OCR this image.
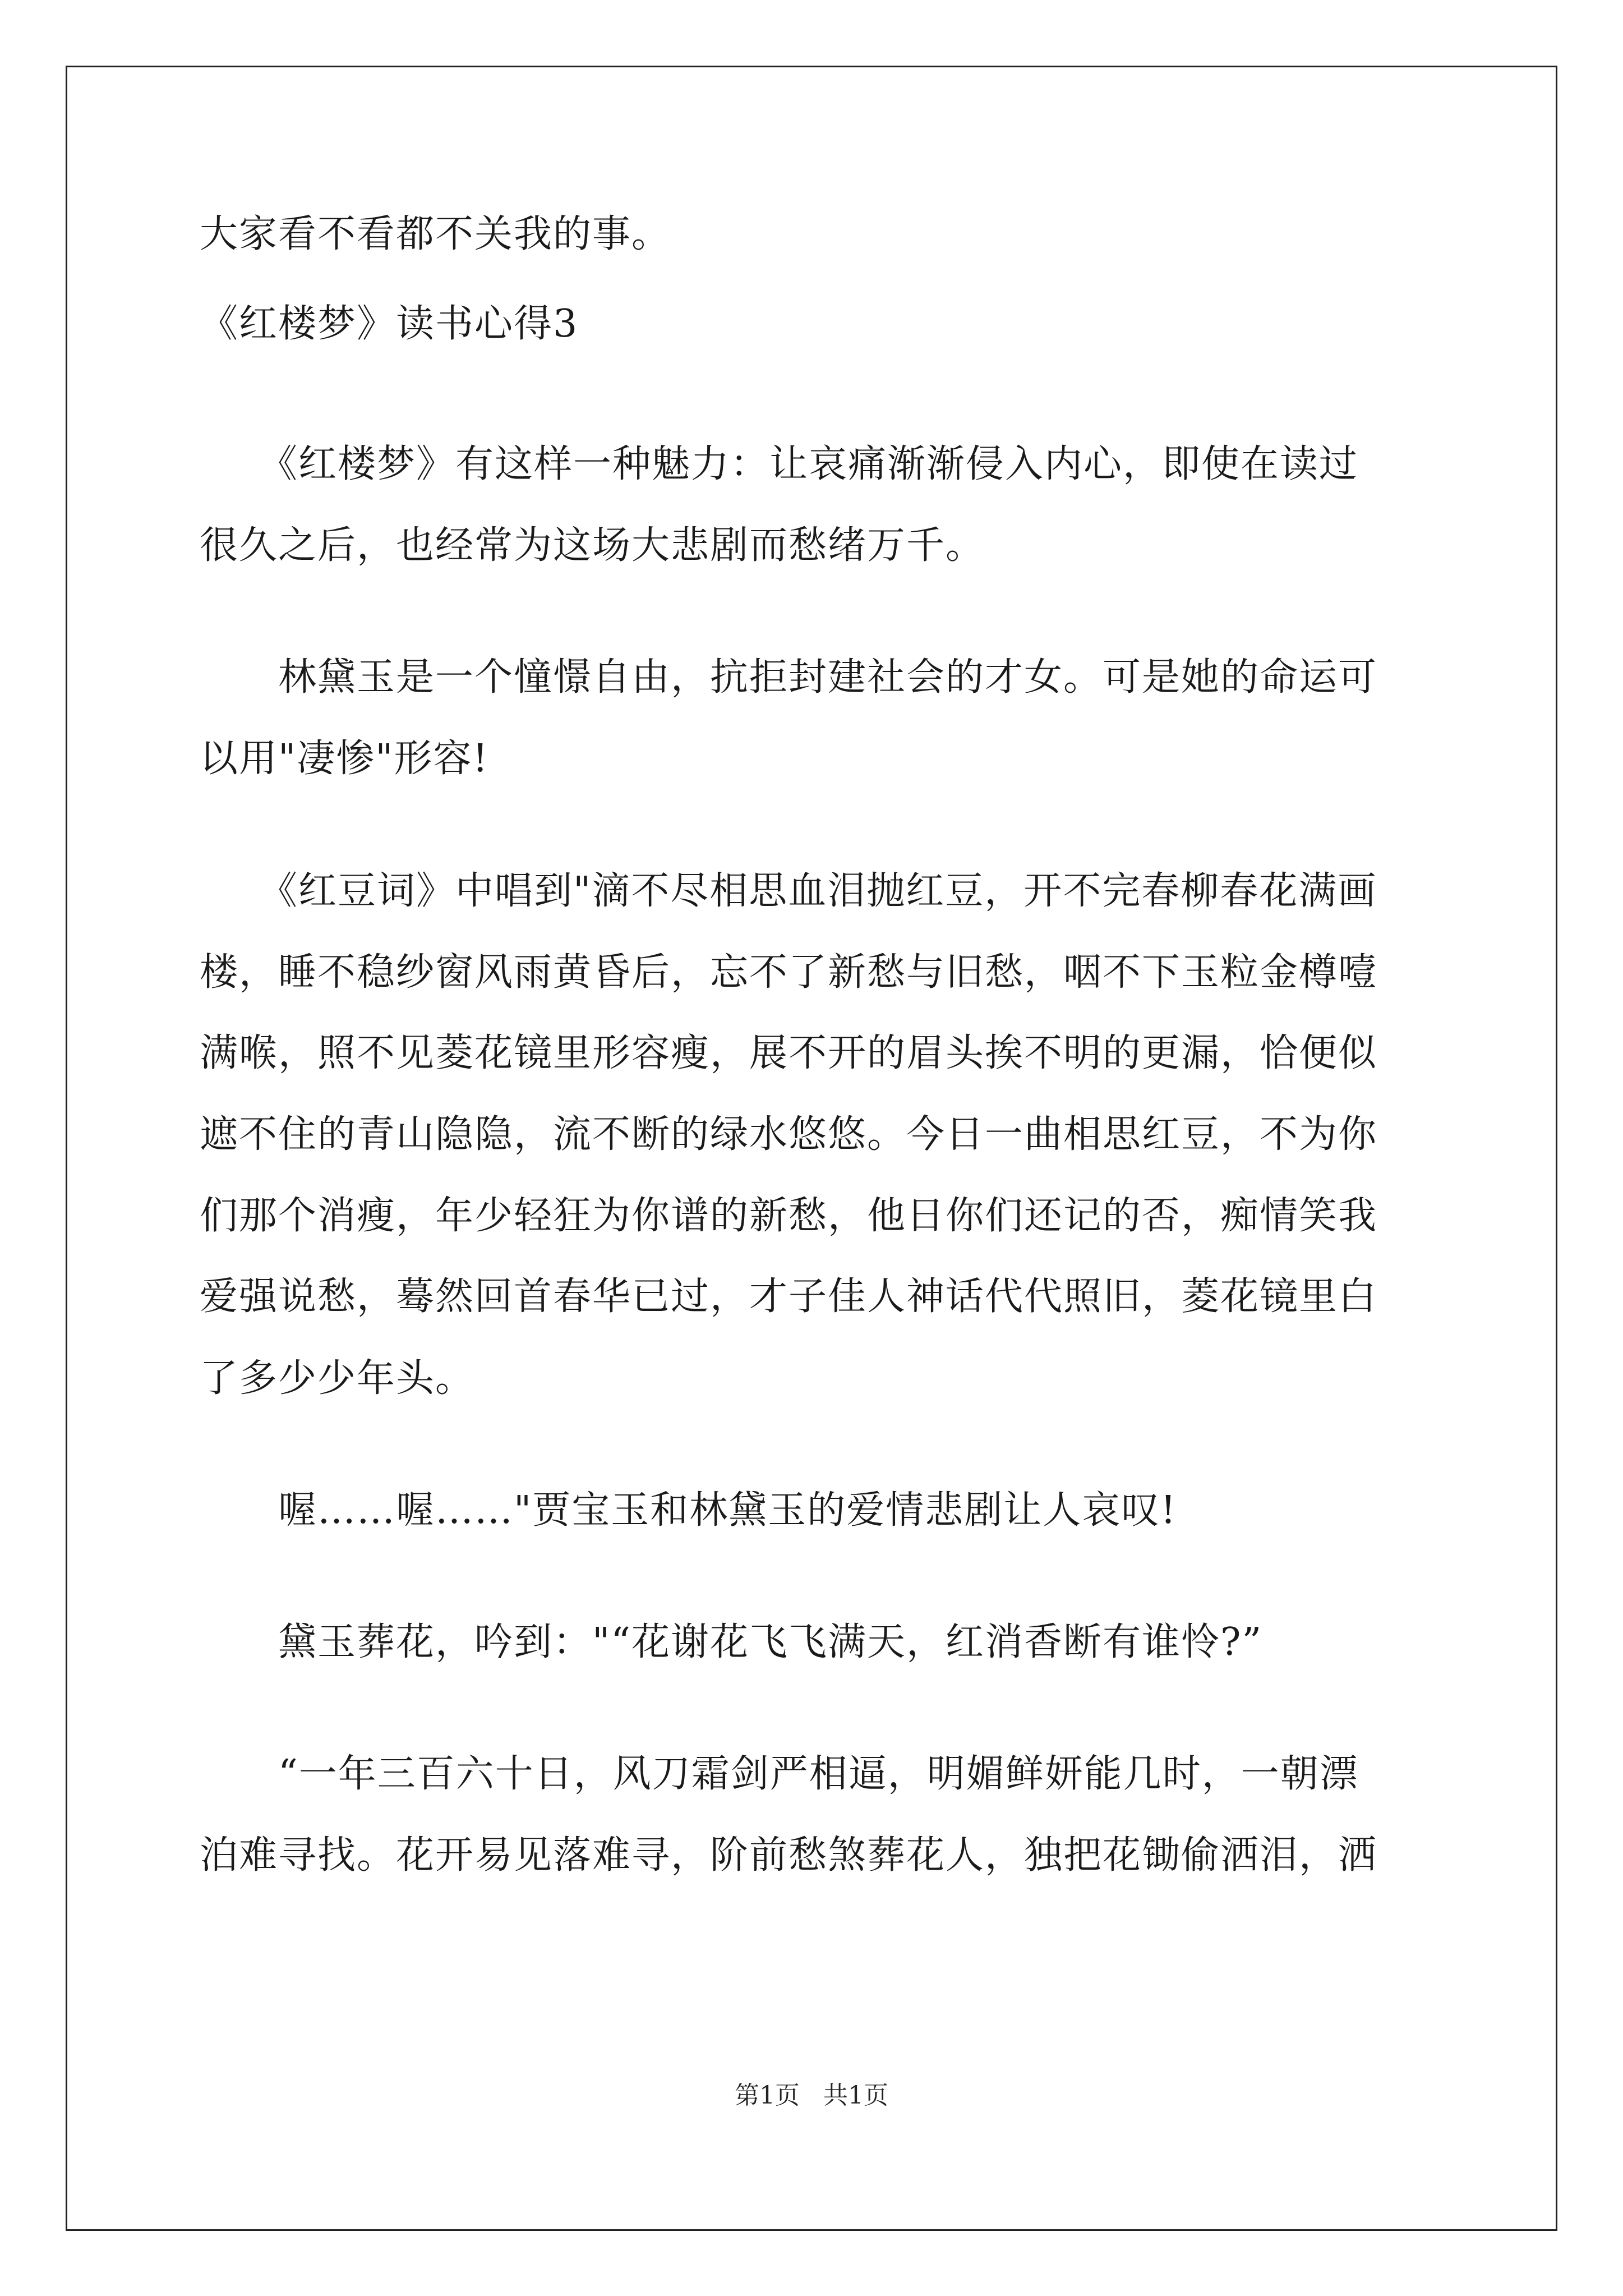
大家看不看都不关我的事。
《红楼梦》读书心得3
　　《红楼梦》有这样一种魅力：让哀痛渐渐侵入内心，即使在读过
很久之后，也经常为这场大悲剧而愁绪万千。
　　林黛玉是一个憧憬自由，抗拒封建社会的才女。可是她的命运可
以用"凄惨"形容!
　　《红豆词》中唱到"滴不尽相思血泪抛红豆，开不完春柳春花满画
楼，睡不稳纱窗风雨黄昏后，忘不了新愁与旧愁，咽不下玉粒金樽噎
满喉，照不见菱花镜里形容瘦，展不开的眉头挨不明的更漏，恰便似
遮不住的青山隐隐，流不断的绿水悠悠。今日一曲相思红豆，不为你
们那个消瘦，年少轻狂为你谱的新愁，他日你们还记的否，痴情笑我
爱强说愁，蓦然回首春华已过，才子佳人神话代代照旧，菱花镜里白
了多少少年头。
　　喔……喔……"贾宝玉和林黛玉的爱情悲剧让人哀叹!
　　黛玉葬花，吟到："“花谢花飞飞满天，红消香断有谁怜?”
　　“一年三百六十日，风刀霜剑严相逼，明媚鲜妍能几时，一朝漂
泊难寻找。花开易见落难寻，阶前愁煞葬花人，独把花锄偷洒泪，洒
第1页 共1页
